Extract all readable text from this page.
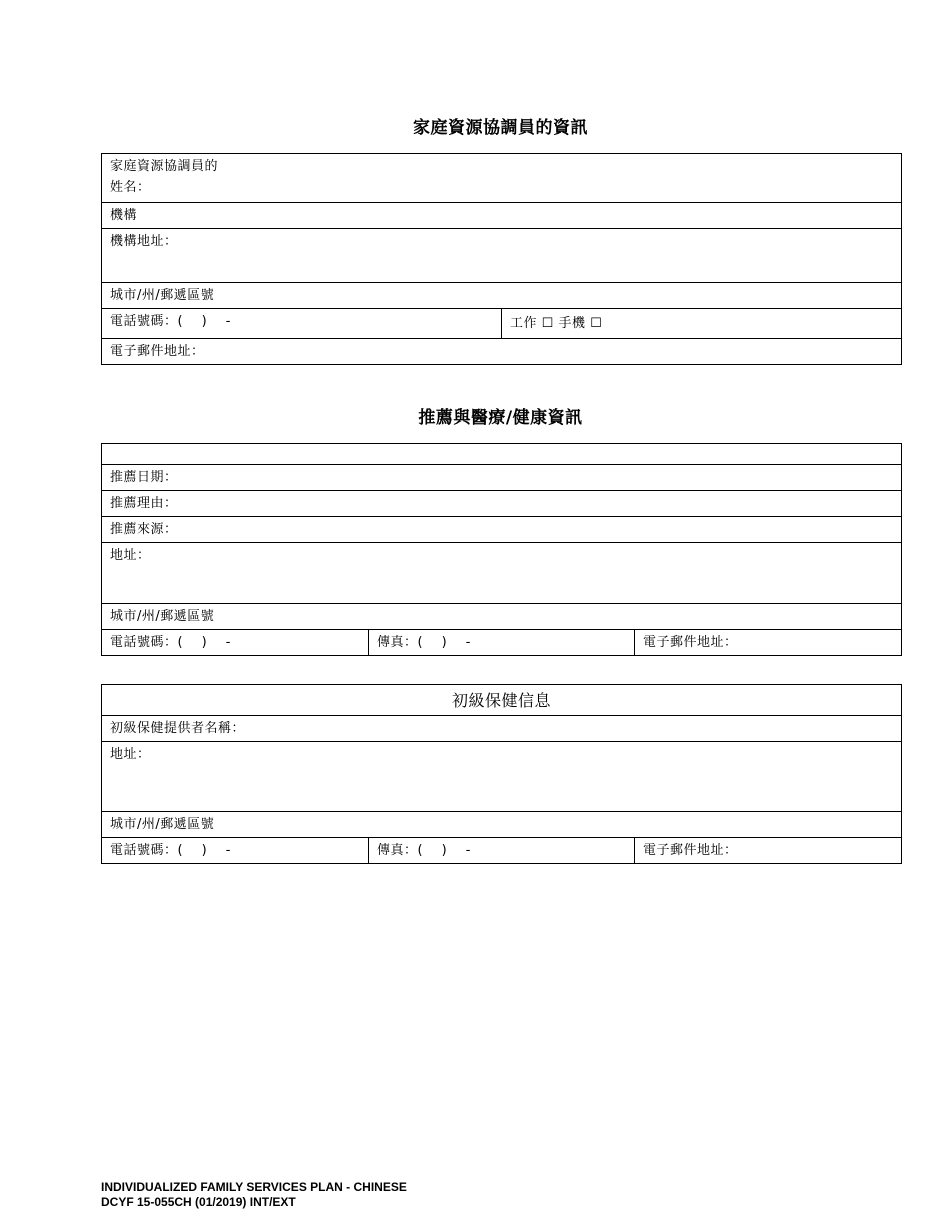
家庭資源協調員的資訊
家庭資源協調員的
姓名：

機構
機構地址：
城市/州/郵遞區號
電話號碼：(    )    -	工作 ☐ 手機 ☐
電子郵件地址：
推薦與醫療/健康資訊

推薦日期：
推薦理由：
推薦來源：
地址：
城市/州/郵遞區號
電話號碼：(    )    -	傳真：(    )    -	電子郵件地址：
初級保健信息
初級保健提供者名稱：
地址：
城市/州/郵遞區號
電話號碼：(    )    -	傳真：(    )    -	電子郵件地址：
INDIVIDUALIZED FAMILY SERVICES PLAN - CHINESE
DCYF 15-055CH (01/2019) INT/EXT
